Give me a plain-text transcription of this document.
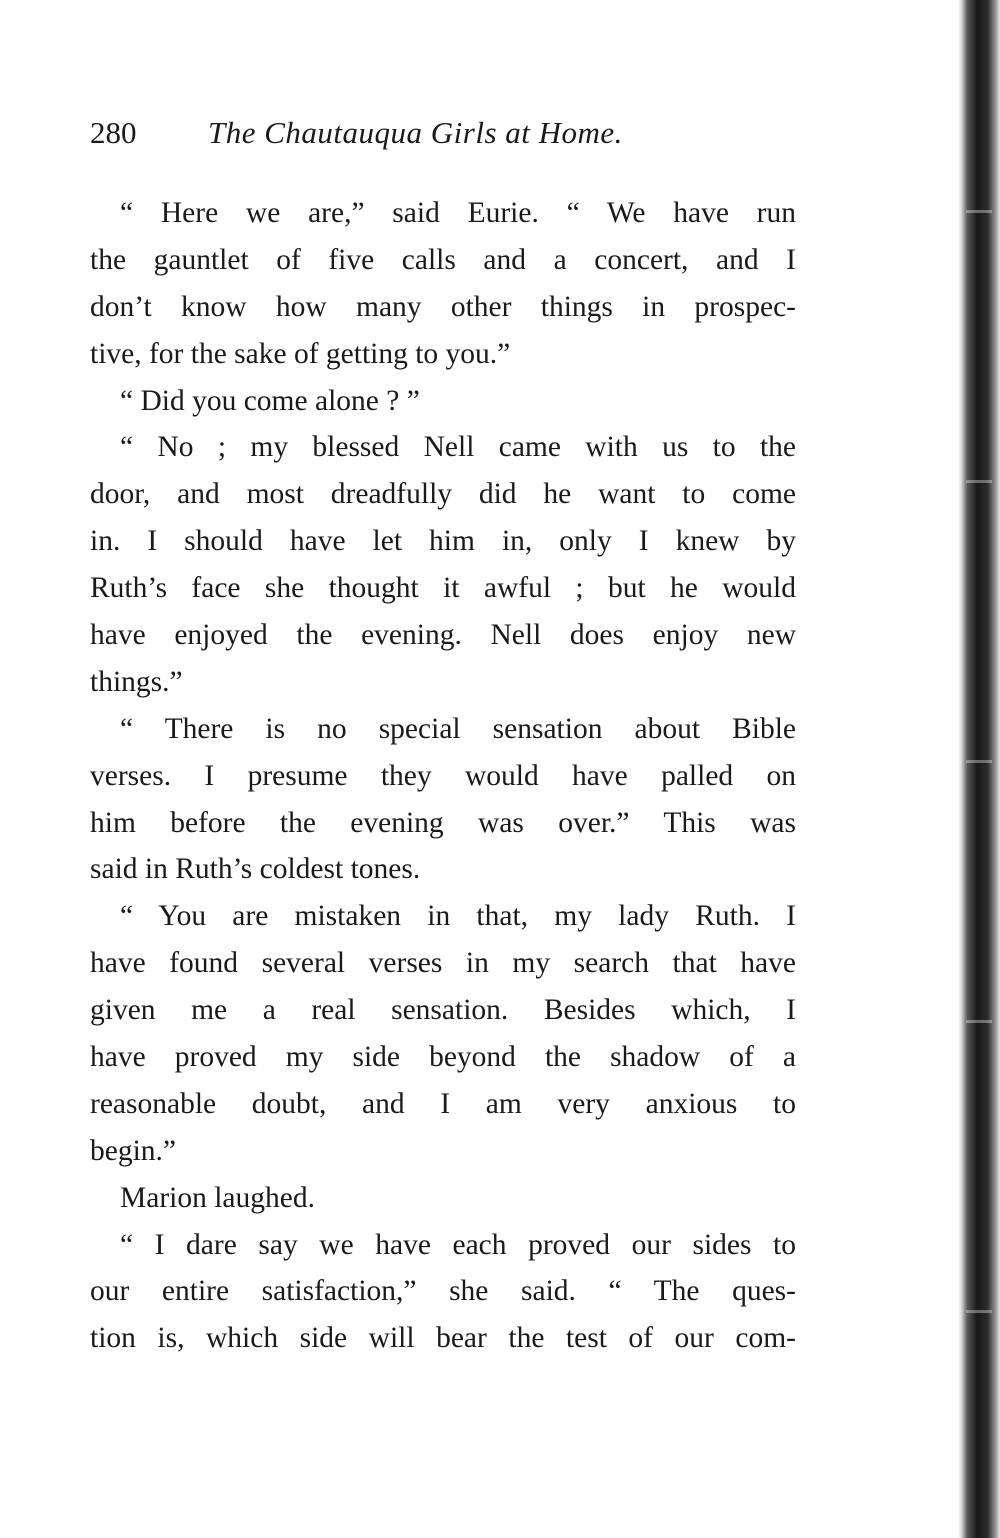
280 The Chautauqua Girls at Home.
“ Here we are,” said Eurie. “ We have run
the gauntlet of five calls and a concert, and I
don’t know how many other things in prospec-
tive, for the sake of getting to you.”
“ Did you come alone ? ”
“ No ; my blessed Nell came with us to the
door, and most dreadfully did he want to come
in. I should have let him in, only I knew by
Ruth’s face she thought it awful ; but he would
have enjoyed the evening. Nell does enjoy new
things.”
“ There is no special sensation about Bible
verses. I presume they would have palled on
him before the evening was over.” This was
said in Ruth’s coldest tones.
“ You are mistaken in that, my lady Ruth. I
have found several verses in my search that have
given me a real sensation. Besides which, I
have proved my side beyond the shadow of a
reasonable doubt, and I am very anxious to
begin.”
Marion laughed.
“ I dare say we have each proved our sides to
our entire satisfaction,” she said. “ The ques-
tion is, which side will bear the test of our com-
